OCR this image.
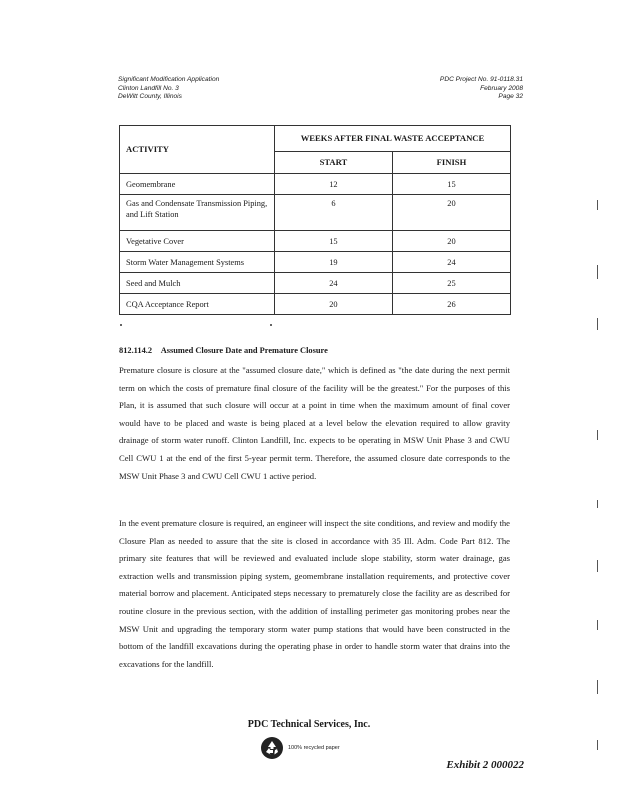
Significant Modification Application
Clinton Landfill No. 3
DeWitt County, Illinois
PDC Project No. 91-0118.31
February 2008
Page 32
ACTIVITY	WEEKS AFTER FINAL WASTE ACCEPTANCE	
	START	FINISH
Geomembrane	12	15
Gas and Condensate Transmission Piping, and Lift Station	6	20
Vegetative Cover	15	20
Storm Water Management Systems	19	24
Seed and Mulch	24	25
CQA Acceptance Report	20	26
812.114.2 Assumed Closure Date and Premature Closure

Premature closure is closure at the "assumed closure date," which is defined as "the date during the next permit term on which the costs of premature final closure of the facility will be the greatest." For the purposes of this Plan, it is assumed that such closure will occur at a point in time when the maximum amount of final cover would have to be placed and waste is being placed at a level below the elevation required to allow gravity drainage of storm water runoff. Clinton Landfill, Inc. expects to be operating in MSW Unit Phase 3 and CWU Cell CWU 1 at the end of the first 5-year permit term. Therefore, the assumed closure date corresponds to the MSW Unit Phase 3 and CWU Cell CWU 1 active period.

In the event premature closure is required, an engineer will inspect the site conditions, and review and modify the Closure Plan as needed to assure that the site is closed in accordance with 35 Ill. Adm. Code Part 812. The primary site features that will be reviewed and evaluated include slope stability, storm water drainage, gas extraction wells and transmission piping system, geomembrane installation requirements, and protective cover material borrow and placement. Anticipated steps necessary to prematurely close the facility are as described for routine closure in the previous section, with the addition of installing perimeter gas monitoring probes near the MSW Unit and upgrading the temporary storm water pump stations that would have been constructed in the bottom of the landfill excavations during the operating phase in order to handle storm water that drains into the excavations for the landfill.

PDC Technical Services, Inc.
100% recycled paper
Exhibit 2 000022
